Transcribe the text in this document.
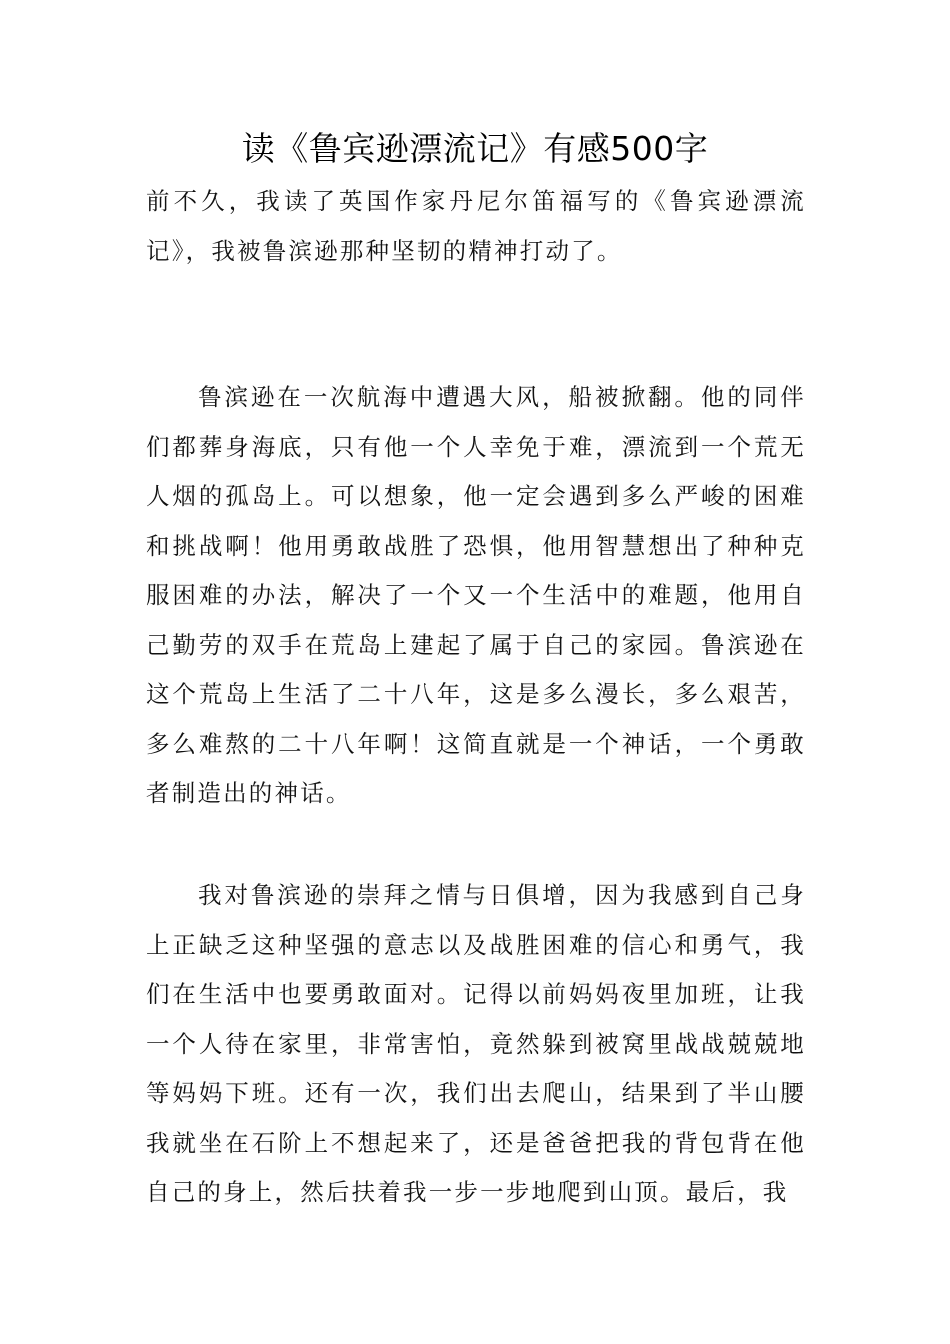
读《鲁宾逊漂流记》有感500字

前不久，我读了英国作家丹尼尔笛福写的《鲁宾逊漂流记》，我被鲁滨逊那种坚韧的精神打动了。

鲁滨逊在一次航海中遭遇大风，船被掀翻。他的同伴们都葬身海底，只有他一个人幸免于难，漂流到一个荒无人烟的孤岛上。可以想象，他一定会遇到多么严峻的困难和挑战啊！他用勇敢战胜了恐惧，他用智慧想出了种种克服困难的办法，解决了一个又一个生活中的难题，他用自己勤劳的双手在荒岛上建起了属于自己的家园。鲁滨逊在这个荒岛上生活了二十八年，这是多么漫长，多么艰苦，多么难熬的二十八年啊！这简直就是一个神话，一个勇敢者制造出的神话。

我对鲁滨逊的崇拜之情与日俱增，因为我感到自己身上正缺乏这种坚强的意志以及战胜困难的信心和勇气，我们在生活中也要勇敢面对。记得以前妈妈夜里加班，让我一个人待在家里，非常害怕，竟然躲到被窝里战战兢兢地等妈妈下班。还有一次，我们出去爬山，结果到了半山腰我就坐在石阶上不想起来了，还是爸爸把我的背包背在他自己的身上，然后扶着我一步一步地爬到山顶。最后，我
